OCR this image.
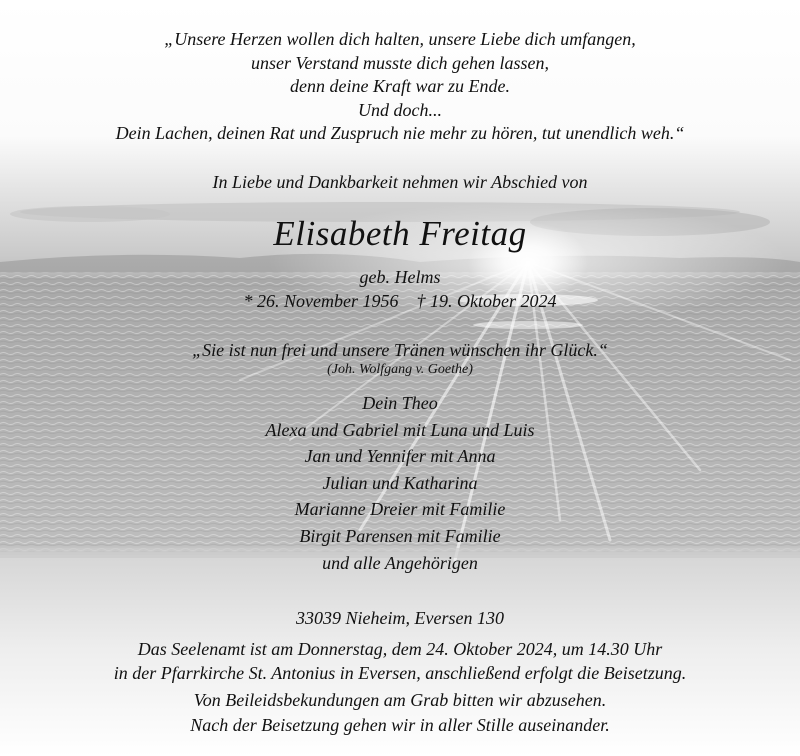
„Unsere Herzen wollen dich halten, unsere Liebe dich umfangen,
unser Verstand musste dich gehen lassen,
denn deine Kraft war zu Ende.
Und doch...
Dein Lachen, deinen Rat und Zuspruch nie mehr zu hören, tut unendlich weh.“
In Liebe und Dankbarkeit nehmen wir Abschied von
Elisabeth Freitag
geb. Helms
* 26. November 1956 † 19. Oktober 2024
„Sie ist nun frei und unsere Tränen wünschen ihr Glück.“
(Joh. Wolfgang v. Goethe)
Dein Theo
Alexa und Gabriel mit Luna und Luis
Jan und Yennifer mit Anna
Julian und Katharina
Marianne Dreier mit Familie
Birgit Parensen mit Familie
und alle Angehörigen
33039 Nieheim, Eversen 130
Das Seelenamt ist am Donnerstag, dem 24. Oktober 2024, um 14.30 Uhr
in der Pfarrkirche St. Antonius in Eversen, anschließend erfolgt die Beisetzung.
Von Beileidsbekundungen am Grab bitten wir abzusehen.
Nach der Beisetzung gehen wir in aller Stille auseinander.
